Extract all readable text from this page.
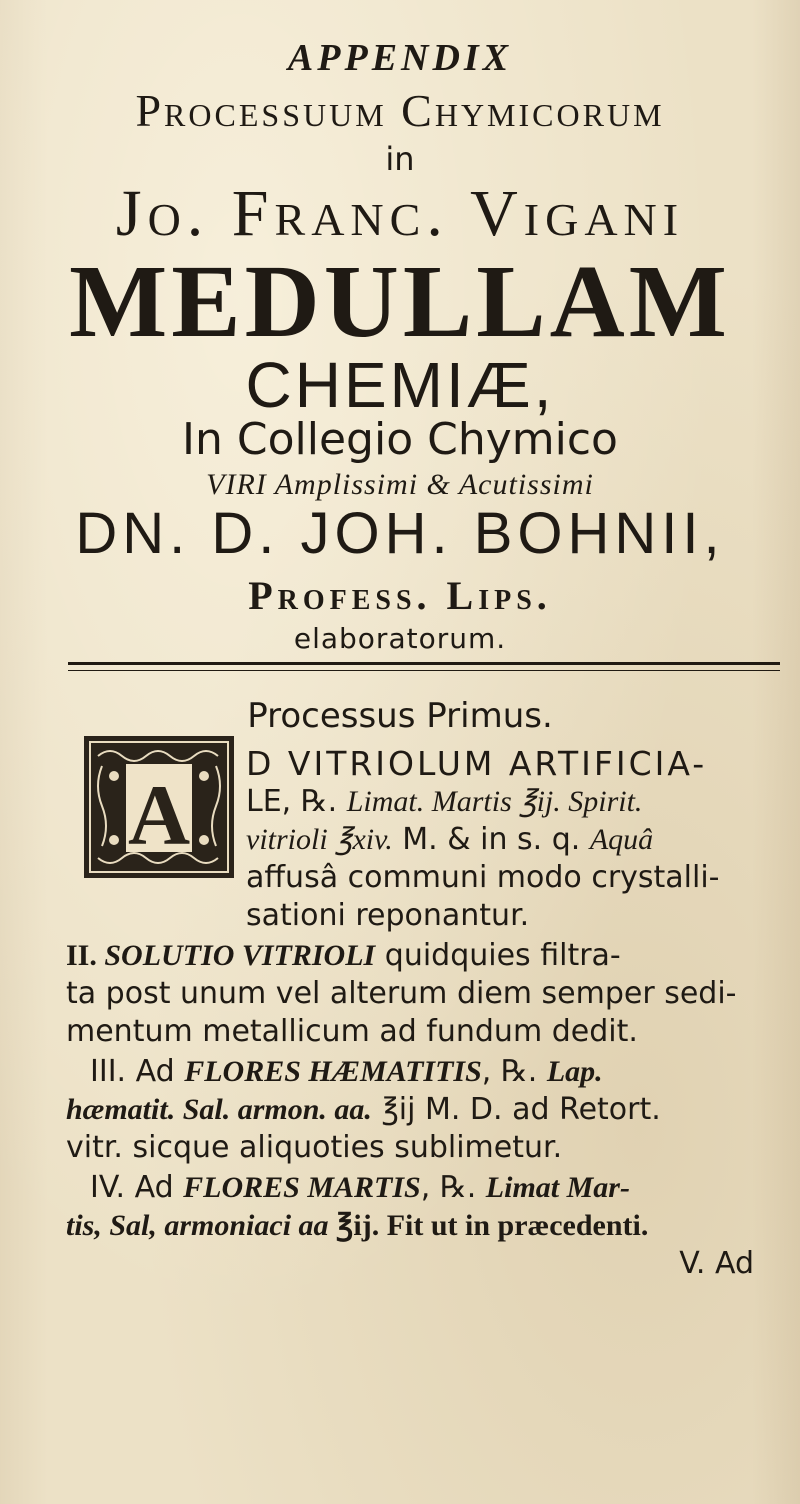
APPENDIX
Processuum Chymicorum
in
Jo. Franc. Vigani
MEDULLAM
CHEMIÆ,
In Collegio Chymico
VIRI Amplissimi & Acutissimi
DN. D. JOH. BOHNII,
Profess. Lips.
elaboratorum.
Processus Primus.
A
D VITRIOLUM ARTIFICIA-
LE, ℞. Limat. Martis ℥ij. Spirit.
vitrioli ℥xiv. M. & in s. q. Aquâ
affusâ communi modo crystalli-
sationi reponantur.
II. SOLUTIO VITRIOLI quidquies filtra-
ta post unum vel alterum diem semper sedi-
mentum metallicum ad fundum dedit.
III. Ad FLORES HÆMATITIS, ℞. Lap.
hæmatit. Sal. armon. aa. ℥ij M. D. ad Retort.
vitr. sicque aliquoties sublimetur.
IV. Ad FLORES MARTIS, ℞. Limat Mar-
tis, Sal, armoniaci aa ℥ij. Fit ut in præcedenti.
V. Ad
